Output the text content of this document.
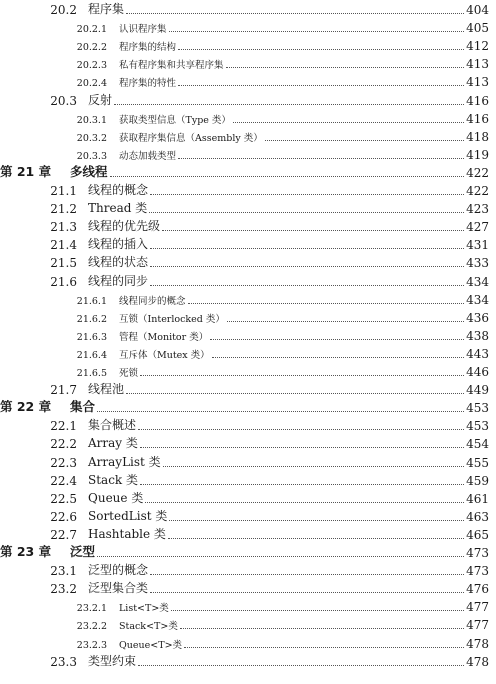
20.2 程序集	404
20.2.1	认识程序集	405
20.2.2	程序集的结构	412
20.2.3	私有程序集和共享程序集	413
20.2.4	程序集的特性	413
20.3 反射	416
20.3.1	获取类型信息（Type 类）	416
20.3.2	获取程序集信息（Assembly 类）	418
20.3.3	动态加载类型	419
第 21 章	多线程	422
21.1 线程的概念	422
21.2 Thread 类	423
21.3 线程的优先级	427
21.4 线程的插入	431
21.5 线程的状态	433
21.6 线程的同步	434
21.6.1	线程同步的概念	434
21.6.2	互锁（Interlocked 类）	436
21.6.3	管程（Monitor 类）	438
21.6.4	互斥体（Mutex 类）	443
21.6.5	死锁	446
21.7 线程池	449
第 22 章	集合	453
22.1 集合概述	453
22.2 Array 类	454
22.3 ArrayList 类	455
22.4 Stack 类	459
22.5 Queue 类	461
22.6 SortedList 类	463
22.7 Hashtable 类	465
第 23 章	泛型	473
23.1 泛型的概念	473
23.2 泛型集合类	476
23.2.1	List<T>类	477
23.2.2	Stack<T>类	477
23.2.3	Queue<T>类	478
23.3 类型约束	478
